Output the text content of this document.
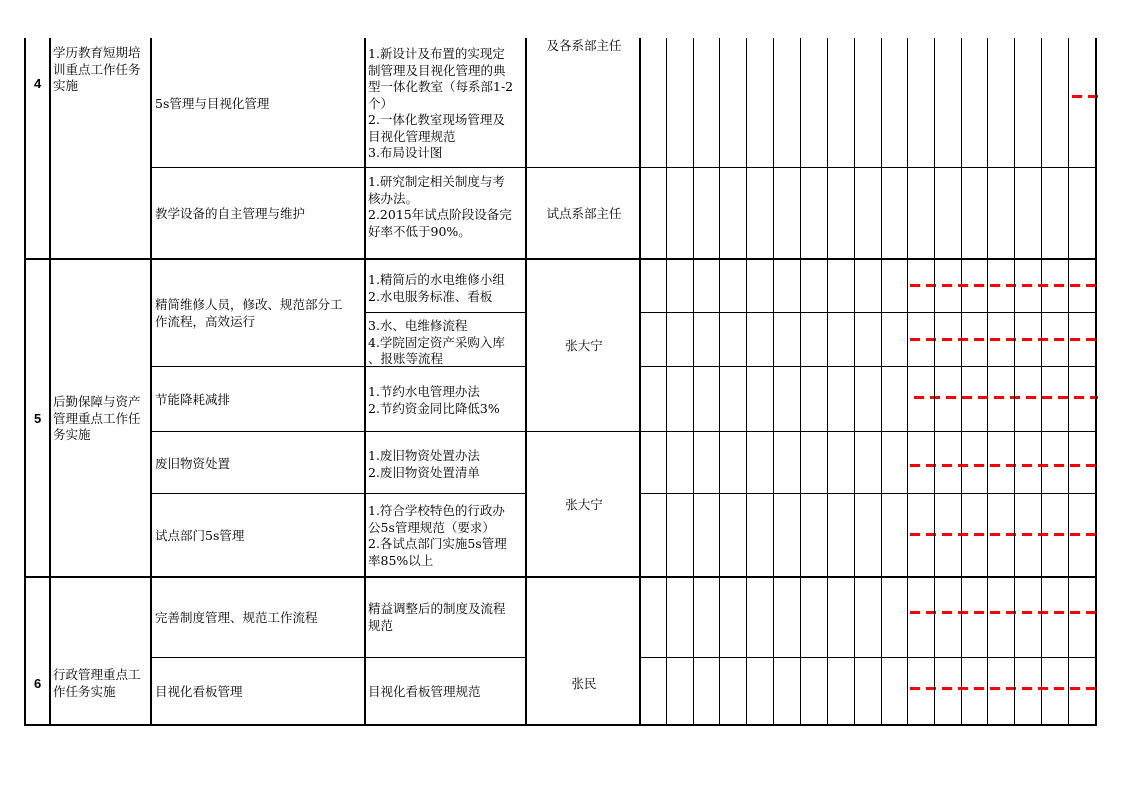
4
学历教育短期培
训重点工作任务
实施
5s管理与目视化管理
1.新设计及布置的实现定
制管理及目视化管理的典
型一体化教室（每系部1-2
个）
2.一体化教室现场管理及
目视化管理规范
3.布局设计图
及各系部主任
教学设备的自主管理与维护
1.研究制定相关制度与考
核办法。
2.2015年试点阶段设备完
好率不低于90%。
试点系部主任
5
后勤保障与资产
管理重点工作任
务实施
精简维修人员，修改、规范部分工
作流程，高效运行
1.精简后的水电维修小组
2.水电服务标准、看板
3.水、电维修流程
4.学院固定资产采购入库
、报账等流程
张大宁
节能降耗减排
1.节约水电管理办法
2.节约资金同比降低3%
废旧物资处置
1.废旧物资处置办法
2.废旧物资处置清单
张大宁
试点部门5s管理
1.符合学校特色的行政办
公5s管理规范（要求）
2.各试点部门实施5s管理
率85%以上
6
行政管理重点工
作任务实施
完善制度管理、规范工作流程
精益调整后的制度及流程
规范
张民
目视化看板管理	目视化看板管理规范
